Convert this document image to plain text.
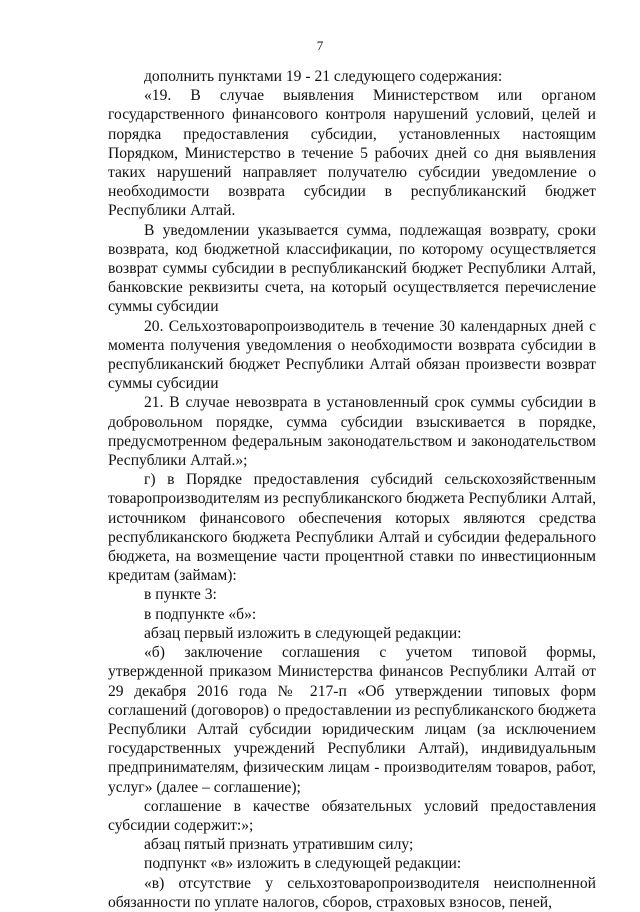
7

дополнить пунктами 19 - 21 следующего содержания:

«19. В случае выявления Министерством или органом государственного финансового контроля нарушений условий, целей и порядка предоставления субсидии, установленных настоящим Порядком, Министерство в течение 5 рабочих дней со дня выявления таких нарушений направляет получателю субсидии уведомление о необходимости возврата субсидии в республиканский бюджет Республики Алтай.

В уведомлении указывается сумма, подлежащая возврату, сроки возврата, код бюджетной классификации, по которому осуществляется возврат суммы субсидии в республиканский бюджет Республики Алтай, банковские реквизиты счета, на который осуществляется перечисление суммы субсидии

20. Сельхозтоваропроизводитель в течение 30 календарных дней с момента получения уведомления о необходимости возврата субсидии в республиканский бюджет Республики Алтай обязан произвести возврат суммы субсидии

21. В случае невозврата в установленный срок суммы субсидии в добровольном порядке, сумма субсидии взыскивается в порядке, предусмотренном федеральным законодательством и законодательством Республики Алтай.»;

г) в Порядке предоставления субсидий сельскохозяйственным товаропроизводителям из республиканского бюджета Республики Алтай, источником финансового обеспечения которых являются средства республиканского бюджета Республики Алтай и субсидии федерального бюджета, на возмещение части процентной ставки по инвестиционным кредитам (займам):

в пункте 3:

в подпункте «б»:

абзац первый изложить в следующей редакции:

«б) заключение соглашения с учетом типовой формы, утвержденной приказом Министерства финансов Республики Алтай от 29 декабря 2016 года № 217-п «Об утверждении типовых форм соглашений (договоров) о предоставлении из республиканского бюджета Республики Алтай субсидии юридическим лицам (за исключением государственных учреждений Республики Алтай), индивидуальным предпринимателям, физическим лицам - производителям товаров, работ, услуг» (далее – соглашение);

соглашение в качестве обязательных условий предоставления субсидии содержит:»;

абзац пятый признать утратившим силу;

подпункт «в» изложить в следующей редакции:

«в) отсутствие у сельхозтоваропроизводителя неисполненной обязанности по уплате налогов, сборов, страховых взносов, пеней,
